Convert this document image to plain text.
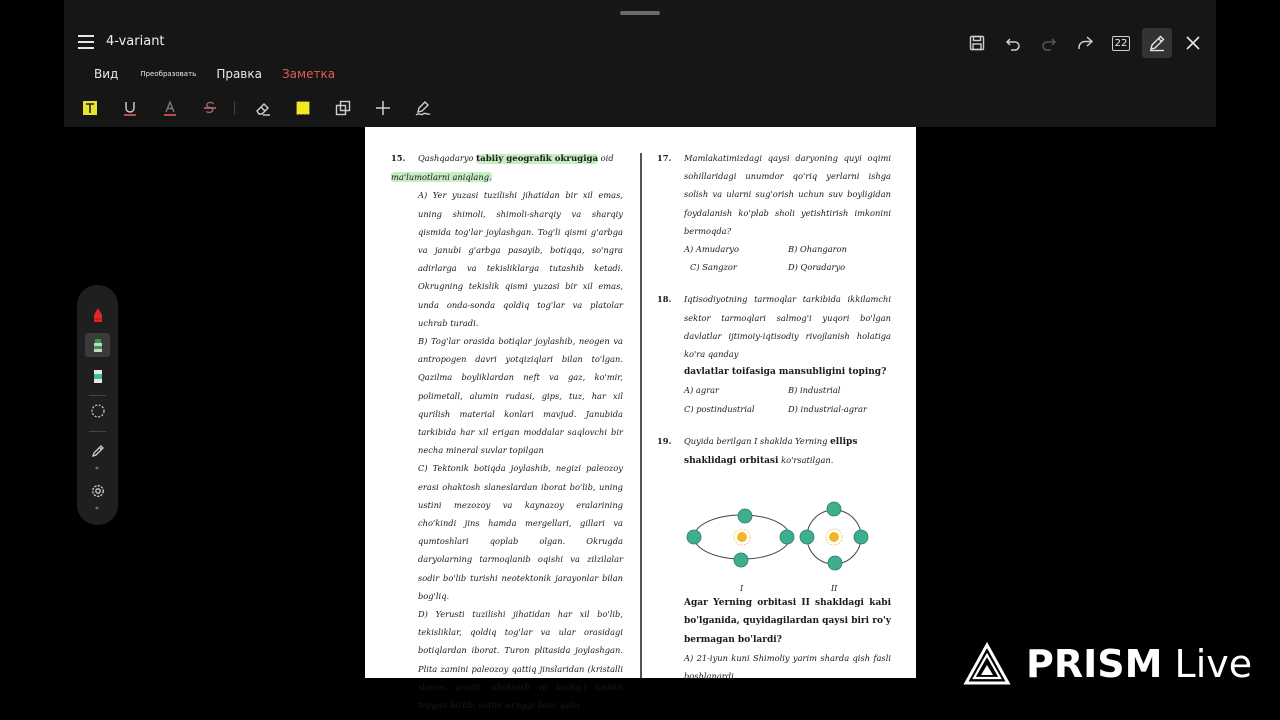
4-variant	22
Вид	Преобразовать Правка Заметка
15. Qashqadaryo tabiiy geografik okrugiga oid
ma'lumotlarni aniqlang.
A) Yer yuzasi tuzilishi jihatidan bir xil emas, uning shimoli, shimoli-sharqiy va sharqiy qismida tog'lar joylashgan. Tog'li qismi g'arbga va janubi g'arbga pasayib, botiqqa, so'ngra adirlarga va tekisliklarga tutashib ketadi. Okrugning tekislik qismi yuzasi bir xil emas, unda onda-sonda qoldiq tog'lar va platolar uchrab turadi.
B) Tog'lar orasida botiqlar joylashib, neogen va antropogen davri yotqiziqlari bilan to'lgan. Qazilma boyliklardan neft va gaz, ko'mir, polimetall, alumin rudasi, gips, tuz, har xil qurilish material konlari mavjud. Janubida tarkibida har xil erigan moddalar saqlovchi bir necha mineral suvlar topilgan
C) Tektonik botiqda joylashib, negizi paleozoy erasi ohaktosh slaneslardan iborat bo'lib, uning ustini mezozoy va kaynazoy eralarining cho'kindi jins hamda mergellari, gillari va qumtoshlari qoplab olgan. Okrugda daryolarning tarmoqlanib oqishi va zilzilalar sodir bo'lib turishi neotektonik jarayonlar bilan bog'liq.
D) Yerusti tuzilishi jihatidan har xil bo'lib, tekisliklar, qoldiq tog'lar va ular orasidagi botiqlardan iborat. Turon plitasida joylashgan. Plita zamini paleozoy qattiq jinslaridan (kristalli slanes, granit, ohaktosh va boshq.) tashkil topgan bo'lib, ustini so'nggi davr qalin
17. Mamlakatimizdagi qaysi daryoning quyi oqimi sohillaridagi unumdor qo'riq yerlarni ishga solish va ularni sug'orish uchun suv boyligidan foydalanish ko'plab sholi yetishtirish imkonini bermoqda?
A) Amudaryo	B) Ohangaron
C) Sangzor	D) Qoradaryo
18. Iqtisodiyotning tarmoqlar tarkibida ikkilamchi sektor tarmoqlari salmog'i yuqori bo'lgan davlatlar ijtimoiy-iqtisodiy rivojlanish holatiga ko'ra qanday
davlatlar toifasiga mansubligini toping?
A) agrar	B) industrial
C) postindustrial	D) industrial-agrar
19. Quyida berilgan I shaklda Yerning ellips
shaklidagi orbitasi ko'rsatilgan.
I	II
Agar Yerning orbitasi II shakldagi kabi bo'lganida, quyidagilardan qaysi biri ro'y bermagan bo'lardi?
A) 21-iyun kuni Shimoliy yarim sharda qish fasli boshlanardi	PRISM Live
